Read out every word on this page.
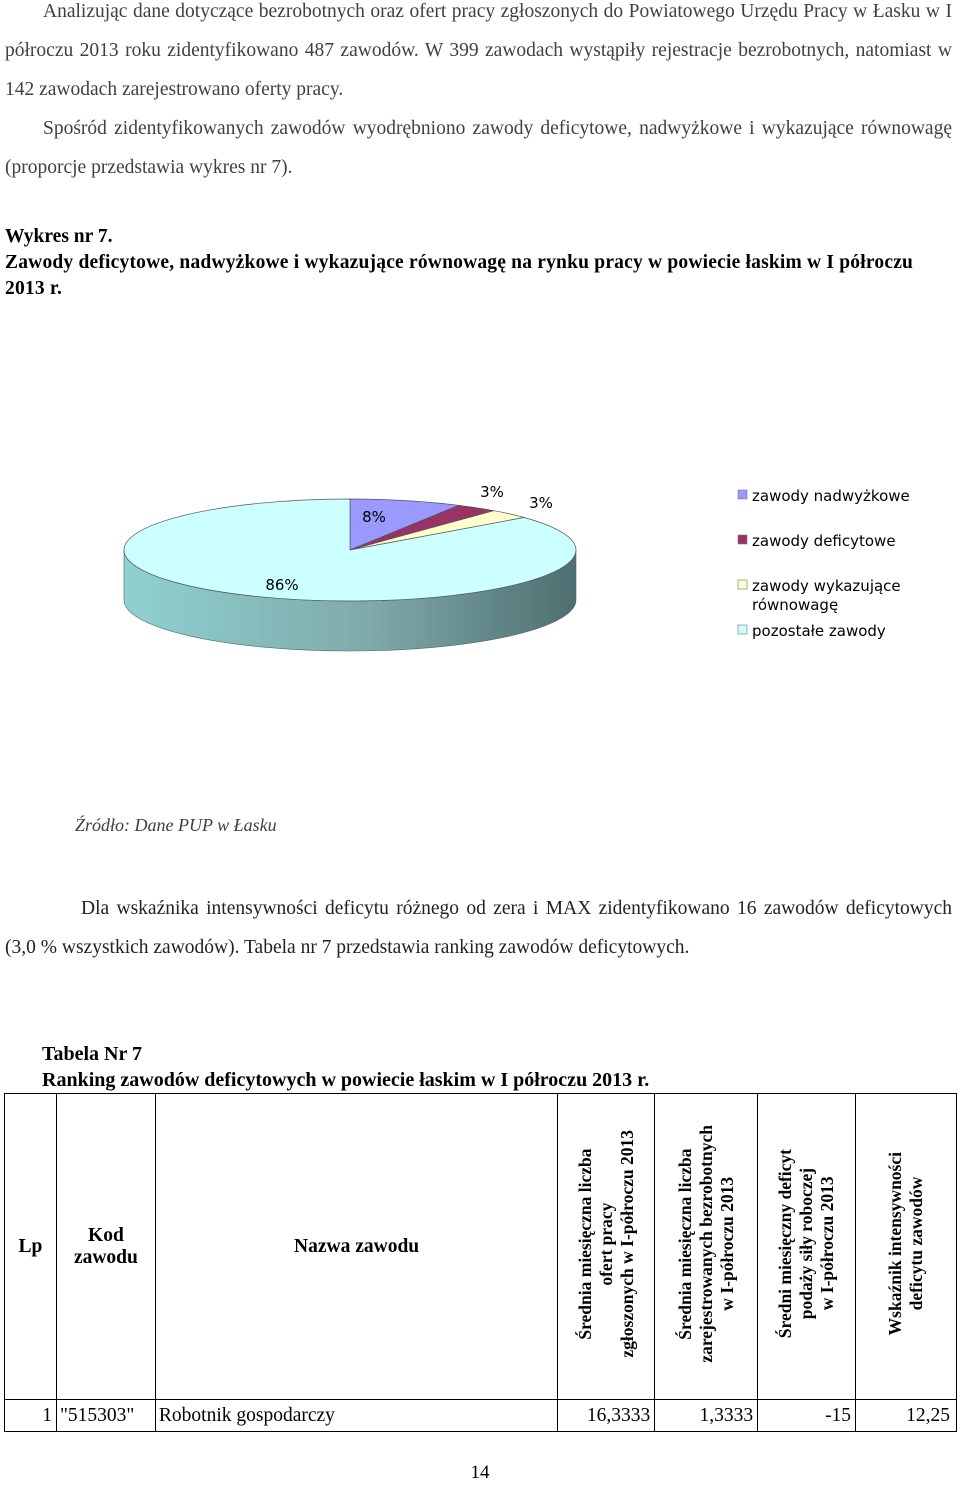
Analizując dane dotyczące bezrobotnych oraz ofert pracy zgłoszonych do Powiatowego Urzędu Pracy w Łasku w I półroczu 2013 roku zidentyfikowano 487 zawodów. W 399 zawodach wystąpiły rejestracje bezrobotnych, natomiast w 142 zawodach zarejestrowano oferty pracy.
Spośród zidentyfikowanych zawodów wyodrębniono zawody deficytowe, nadwyżkowe i wykazujące równowagę (proporcje przedstawia wykres nr 7).
Wykres nr 7.
Zawody deficytowe, nadwyżkowe i wykazujące równowagę na rynku pracy w powiecie łaskim w I półroczu 2013 r.
8%
3%
3%
86%
zawody nadwyżkowe
zawody deficytowe
zawody wykazujące równowagę
pozostałe zawody
Źródło: Dane PUP w Łasku
Dla wskaźnika intensywności deficytu różnego od zera i MAX zidentyfikowano 16 zawodów deficytowych (3,0 % wszystkich zawodów). Tabela nr 7 przedstawia ranking zawodów deficytowych.
Tabela Nr 7
Ranking zawodów deficytowych w powiecie łaskim w I półroczu 2013 r.
Lp	Kod zawodu	Nazwa zawodu	Średnia miesięczna liczba
ofert pracy
zgłoszonych w I-półroczu 2013	Średnia miesięczna liczba
zarejestrowanych bezrobotnych
w I-półroczu 2013	Średni miesięczny deficyt
podaży siły roboczej
w I-półroczu 2013	Wskaźnik intensywności
deficytu zawodów
1	"515303"	Robotnik gospodarczy	16,3333	1,3333	-15	12,25
14
